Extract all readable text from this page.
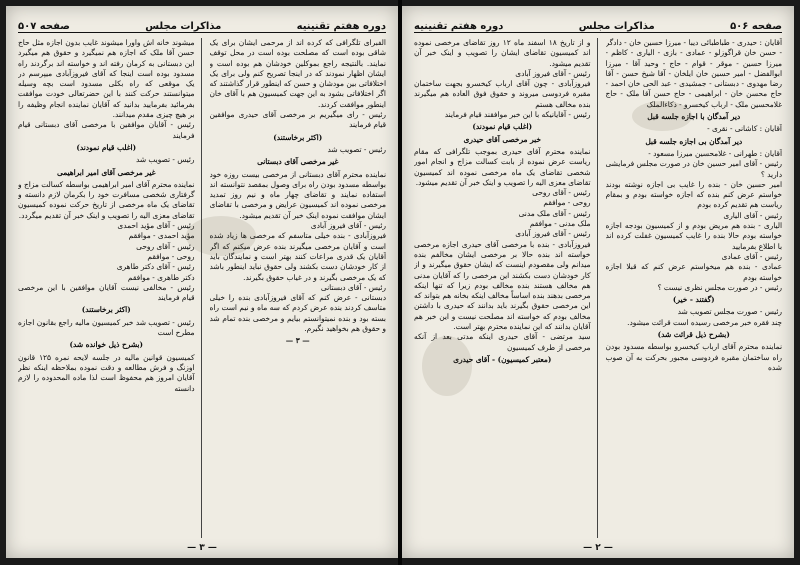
دوره هفتم تقنینیه
مذاکرات مجلس
صفحه ۵۰۷

الفبرای تلگرافی که کرده اند از مرحمی ایشان برای یک شاقی بوده است که مصلحت بوده است در محل توقف نمایند. بالنتیجه راجع بموکلین خودشان هم بوده است و ایشان اظهار نمودند که در اینجا تصریح کنم ولی برای یک اختلافاتی بین مودشان و حسن که اینطور قرار گذاشتند که اگر اختلافاتی بشود به این جهت کمیسیون هم با آقای خان اینطور موافقت کردند.

رئیس - رای میگیریم بر مرخصی آقای حیدری موافقین قیام فرمایند

(اکثر برخاستند)

رئیس - تصویب شد

غیر مرخصی آقای دبستانی

نماینده محترم آقای دبستانی از مرخصی بیست روزه خود بواسطه مسدود بودن راه برای وصول بمقصد نتوانسته اند استفاده نمایند و تقاضای چهار ماه و نیم روز تمدید مرخصی نموده اند کمیسیون عرایض و مرخصی با تقاضای ایشان موافقت نموده اینک خبر آن تقدیم میشود.

رئیس - آقای فیروز آبادی

فیروزآبادی - بنده خیلی متاسفم که مرخصی ها زیاد شده است و آقایان مرخصی میگیرند بنده عرض میکنم که اگر آقایان یک قدری مراعات کنند بهتر است و نمایندگان باید از کار خودشان دست بکشند ولی حقوق نباید اینطور باشد که یک مرخصی بگیرند و در غیاب حقوق بگیرند.

رئیس - آقای دبستانی

دبستانی - عرض کنم که آقای فیروزآبادی بنده را خیلی متاسف کردند بنده عرض کردم که سه ماه و نیم است راه بسته بود و بنده نمیتوانستم بیایم و مرخصی بنده تمام شد و حقوق هم بخواهید نگیرم.

— ۳ —

میشوند خانه اش واورا میشوند غایب بدون اجازه مثل حاج حسن آقا ملک که اجازه هم نمیگیرد و حقوق هم میگیرد این دبستانی به کرمان رفته اند و خواسته اند برگردند راه مسدود بوده است اینجا که آقای فیروزآبادی میپرسم در یک موقعی که راه بکلی مسدود است بچه وسیله میتوانستند حرکت کنند با این حضرتعالی خودت موافقت بفرمائید بفرمایید بدانید که آقایان نماینده انجام وظیفه را بر هیچ چیزی مقدم میدانند.

رئیس - آقایان موافقین با مرخصی آقای دبستانی قیام فرمایند

(اغلب قیام نمودند)

رئیس - تصویب شد

غیر مرخصی آقای امیر ابراهیمی

نماینده محترم آقای امیر ابراهیمی بواسطه کسالت مزاج و گرفتاری شخصی مسافرت خود را بکرمان لازم دانسته و تقاضای یک ماه مرخصی از تاریخ حرکت نموده کمیسیون تقاضای معزی الیه را تصویب و اینک خبر آن تقدیم میگردد.

رئیس - آقای مؤید احمدی

مؤید احمدی - موافقم

رئیس - آقای روحی

روحی - موافقم

رئیس - آقای دکتر طاهری

دکتر طاهری - موافقم

رئیس - مخالفی نیست آقایان موافقین با این مرخصی قیام فرمایند

(اکثر برخاستند)

رئیس - تصویب شد خبر کمیسیون مالیه راجع بقانون اجازه مطرح است

(بشرح ذیل خوانده شد)

کمیسیون قوانین مالیه در جلسه لایحه نمره ۱۲۵ قانون اوزنگ و فرش مطالعه و دقت نموده بملاحظه اینکه نظر آقایان امروز هم محفوظ است لذا ماده المحدوده را لازم دانسته

— ۳ —
صفحه ۵۰۶
مذاکرات مجلس
دوره هفتم تقنینیه

آقایان : حیدری - طباطبائی دیبا - میرزا حسین خان - دادگر - حسن خان قراگوزلو - عمادی - بازی - الیاری - کاظم - میرزا حسین - موقر - قوام - حاج - وحید آقا - میرزا ابوالفضل - امیر حسین خان ایلخان - آقا شیخ حسن - آقا رضا مهدوی - دبستانی - جمشیدی - عبد الحی خان احمد - حاج محسن خان - ابراهیمی - حاج حسن آقا ملک - حاج غلامحسین ملک - ارباب کیخسرو - ذکاءالملک

دیر آمدگان با اجازه جلسه قبل

آقایان : کاشانی - نقری -

دیر آمدگان بی اجازه جلسه قبل

آقایان : طهرانی - غلامحسین میرزا مسعود -

رئیس - آقای امیر حسین خان در صورت مجلس فرمایشی دارید ؟

امیر حسین خان - بنده را غایب بی اجازه نوشته بودند خواستم عرض کنم بنده که اجازه خواسته بودم و بمقام ریاست هم تقدیم کرده بودم

رئیس - آقای الیاری

الیاری - بنده هم مریض بودم و از کمیسیون بودجه اجازه خواسته بودم حالا بنده را غایب کمیسیون غفلت کرده اند با اطلاع بفرمایید

رئیس - آقای عمادی

عمادی - بنده هم میخواستم عرض کنم که قبلا اجازه خواسته بودم

رئیس - در صورت مجلس نظری نیست ؟

(گفتند - خیر)

رئیس - صورت مجلس تصویب شد

چند فقره خبر مرخصی رسیده است قرائت میشود.

(بشرح ذیل قرائت شد)

نماینده محترم آقای ارباب کیخسرو بواسطه مسدود بودن راه ساختمان مقبره فردوسی مجبور بحرکت به آن صوب شده

و از تاریخ ۱۸ اسفند ماه ۱۲ روز تقاضای مرخصی نموده اند کمیسیون تقاضای ایشان را تصویب و اینک خبر آن تقدیم میشود.

رئیس - آقای فیروز آبادی

فیروزآبادی - چون آقای ارباب کیخسرو بجهت ساختمان مقبره فردوسی میروند و حقوق فوق العاده هم میگیرند بنده مخالف هستم

رئیس - آقایانیکه با این خبر موافقند قیام فرمایند

(اغلب قیام نمودند)

خبر مرخصی آقای حیدری

نماینده محترم آقای حیدری بموجب تلگرافی که مقام ریاست عرض نموده از بابت کسالت مزاج و انجام امور شخصی تقاضای یک ماه مرخصی نموده اند کمیسیون تقاضای معزی الیه را تصویب و اینک خبر آن تقدیم میشود.

رئیس - آقای روحی

روحی - موافقم

رئیس - آقای ملک مدنی

ملک مدنی - موافقم

رئیس - آقای فیروز آبادی

فیروزآبادی - بنده با مرخصی آقای حیدری اجازه مرخصی خواسته اند بنده حالا بر مرخصی ایشان مخالفم بنده میدانم ولی مقصودم اینست که ایشان حقوق میگیرند و از کار خودشان دست بکشند این مرخصی را که آقایان مدنی هم مخالف هستند بنده مخالف بودم زیرا که تنها اینکه مرخصی بدهند بنده اساساً مخالف اینکه بخانه هم بتواند که این مرخصی حقوق بگیرند باید بدانند که حیدری با داشتن مخالف بودم که خواسته اند مصلحت نیست و این خبر هم آقایان بدانند که این نماینده محترم بهتر است.

سید مرتضی - آقای حیدری اینکه مدتی بعد از آنکه مرخصی از طرف کمیسیون

(معتبر کمیسیون) - آقای حیدری

— ۲ —
